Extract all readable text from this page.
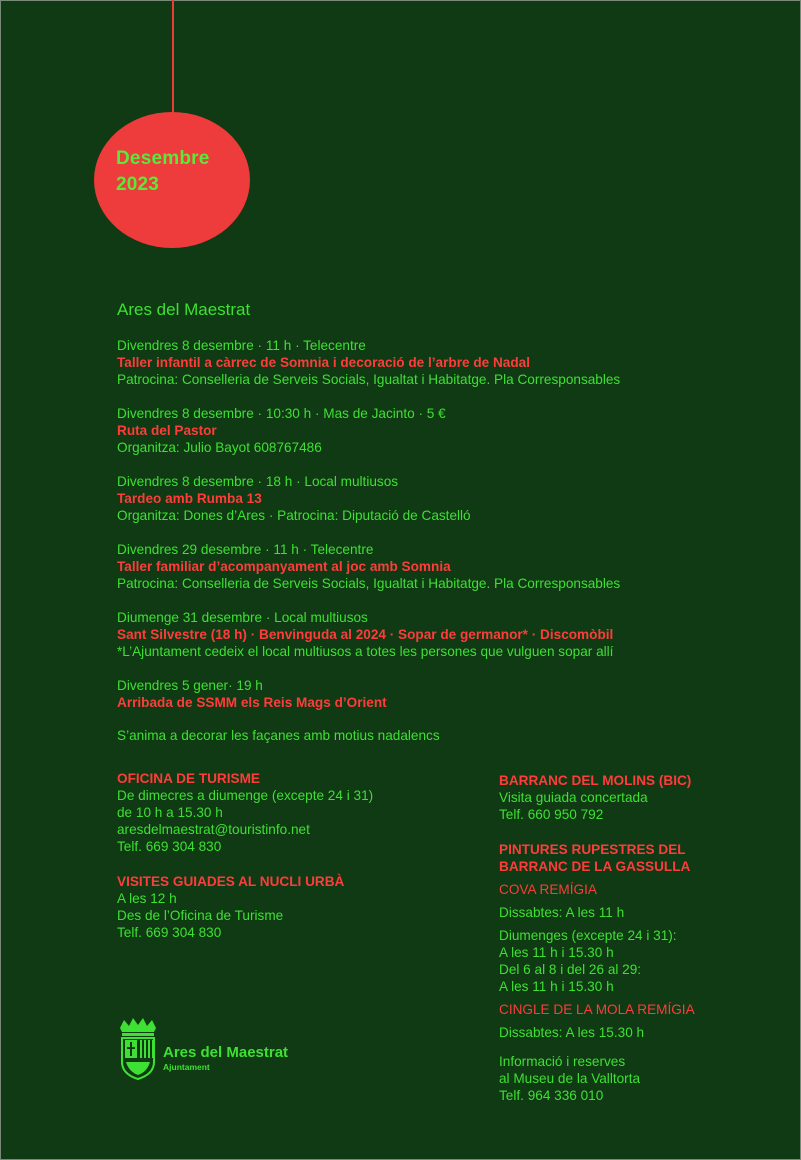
Desembre
2023
Ares del Maestrat
Divendres 8 desembre · 11 h · Telecentre
Taller infantil a càrrec de Somnia i decoració de l’arbre de Nadal
Patrocina: Conselleria de Serveis Socials, Igualtat i Habitatge. Pla Corresponsables
Divendres 8 desembre · 10:30 h · Mas de Jacinto · 5 €
Ruta del Pastor
Organitza: Julio Bayot 608767486
Divendres 8 desembre · 18 h · Local multiusos
Tardeo amb Rumba 13
Organitza: Dones d’Ares · Patrocina: Diputació de Castelló
Divendres 29 desembre · 11 h · Telecentre
Taller familiar d’acompanyament al joc amb Somnia
Patrocina: Conselleria de Serveis Socials, Igualtat i Habitatge. Pla Corresponsables
Diumenge 31 desembre · Local multiusos
Sant Silvestre (18 h) · Benvinguda al 2024 · Sopar de germanor* · Discomòbil
*L’Ajuntament cedeix el local multiusos a totes les persones que vulguen sopar allí
Divendres 5 gener· 19 h
Arribada de SSMM els Reis Mags d’Orient
S’anima a decorar les façanes amb motius nadalencs
OFICINA DE TURISME
De dimecres a diumenge (excepte 24 i 31)
de 10 h a 15.30 h
aresdelmaestrat@touristinfo.net
Telf. 669 304 830
VISITES GUIADES AL NUCLI URBÀ
A les 12 h
Des de l’Oficina de Turisme
Telf. 669 304 830
BARRANC DEL MOLINS (BIC)
Visita guiada concertada
Telf. 660 950 792
PINTURES RUPESTRES DEL
BARRANC DE LA GASSULLA
COVA REMÍGIA
Dissabtes: A les 11 h
Diumenges (excepte 24 i 31):
A les 11 h i 15.30 h
Del 6 al 8 i del 26 al 29:
A les 11 h i 15.30 h
CINGLE DE LA MOLA REMÍGIA
Dissabtes: A les 15.30 h
Informació i reserves
al Museu de la Valltorta
Telf. 964 336 010
Ares del Maestrat
Ajuntament
